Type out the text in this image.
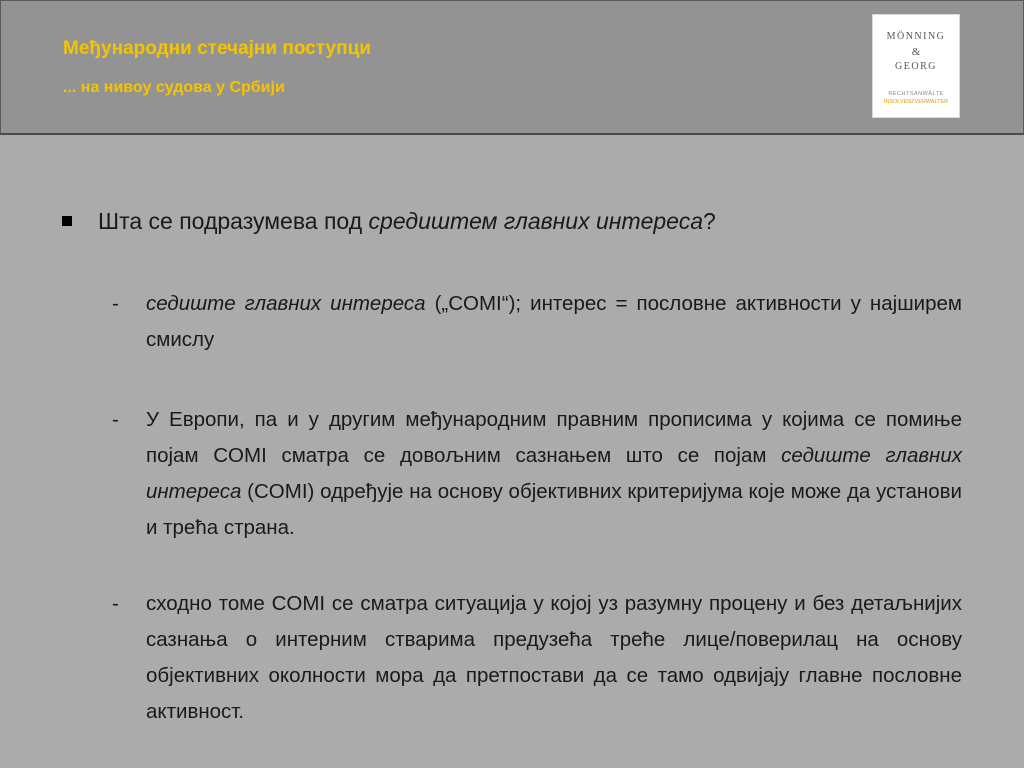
Међународни стечајни поступци
... на нивоу судова у Србији
MÖNNING
&
GEORG
RECHTSANWÄLTE
INSOLVENZVERWALTER
Шта се подразумева под средиштем главних интереса?
- седиште главних интереса („COMI“); интерес = пословне активности у најширем смислу
- У Европи, па и у другим међународним правним прописима у којима се помиње појам COMI сматра се довољним сазнањем што се појам седиште главних интереса (COMI) одређује на основу објективних критеријума које може да установи и трећа страна.
- сходно томе COMI се сматра ситуација у којој уз разумну процену и без детаљнијих сазнања о интерним стварима предузећа треће лице/поверилац на основу објективних околности мора да претпостави да се тамо одвијају главне пословне активност.
